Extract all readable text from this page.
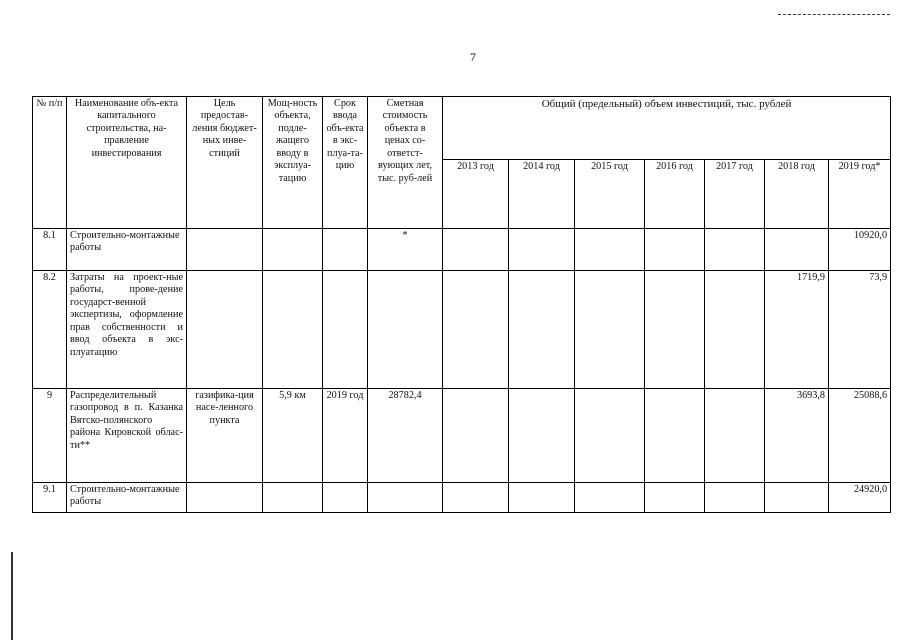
7
№ п/п	Наименование объ-екта капитального строительства, на-правление инвестирования	Цель предостав-ления бюджет-ных инве-стиций	Мощ-ность объекта, подле-жащего вводу в эксплуа-тацию	Срок ввода объ-екта в экс-плуа-та-цию	Сметная стоимость объекта в ценах со-ответст-вующих лет, тыс. руб-лей	Общий (предельный) объем инвестиций, тыс. рублей						
						2013 год	2014 год	2015 год	2016 год	2017 год	2018 год	2019 год*
8.1	Строительно-монтажные работы				*							10920,0
8.2	Затраты на проект-ные работы, прове-дение государст-венной экспертизы, оформление прав собственности и ввод объекта в экс-плуатацию										1719,9	73,9
9	Распределительный газопровод в п. Казанка Вятско-полянского района Кировской облас-ти**	газифика-ция насе-ленного пункта	5,9 км	2019 год	28782,4						3693,8	25088,6
9.1	Строительно-монтажные работы											24920,0
